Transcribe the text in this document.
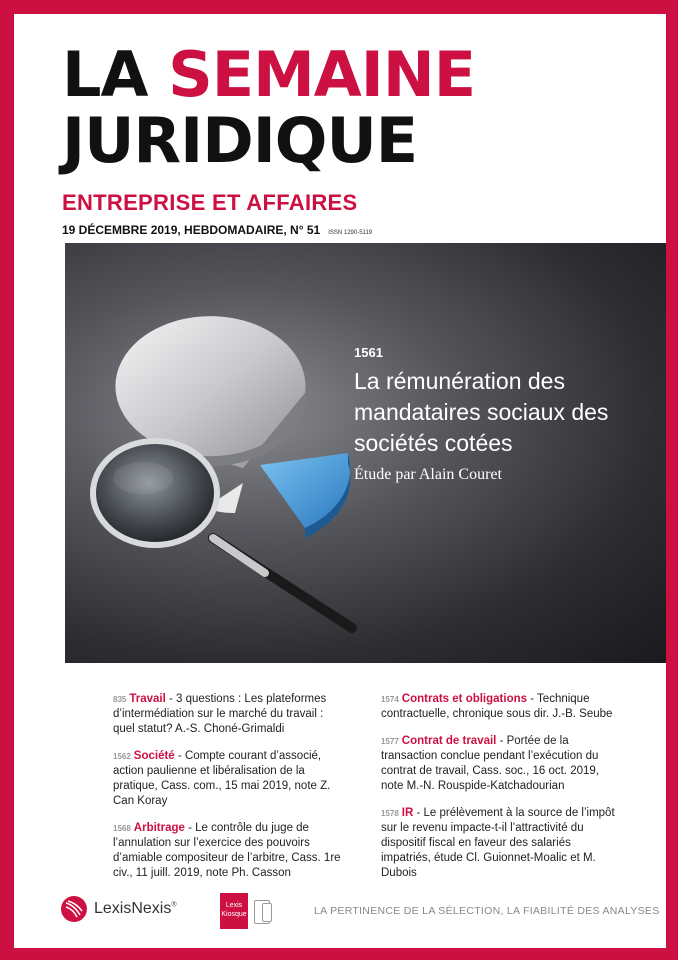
LA SEMAINE
JURIDIQUE
ENTREPRISE ET AFFAIRES
19 DÉCEMBRE 2019, HEBDOMADAIRE, N° 51 ISSN 1290-5119
1561
La rémunération des mandataires sociaux des sociétés cotées
Étude par Alain Couret
835 Travail - 3 questions : Les plateformes d’intermédiation sur le marché du travail : quel statut? A.-S. Choné-Grimaldi
1562 Société - Compte courant d’associé, action paulienne et libéralisation de la pratique, Cass. com., 15 mai 2019, note Z. Can Koray
1568 Arbitrage - Le contrôle du juge de l’annulation sur l’exercice des pouvoirs d’amiable compositeur de l’arbitre, Cass. 1re civ., 11 juill. 2019, note Ph. Casson
1574 Contrats et obligations - Technique contractuelle, chronique sous dir. J.-B. Seube
1577 Contrat de travail - Portée de la transaction conclue pendant l’exécution du contrat de travail, Cass. soc., 16 oct. 2019, note M.-N. Rouspide-Katchadourian
1578 IR - Le prélèvement à la source de l’impôt sur le revenu impacte-t-il l’attractivité du dispositif fiscal en faveur des salariés impatriés, étude Cl. Guionnet-Moalic et M. Dubois
LexisNexis®	Lexis
Kiosque	LA PERTINENCE DE LA SÉLECTION, LA FIABILITÉ DES ANALYSES
